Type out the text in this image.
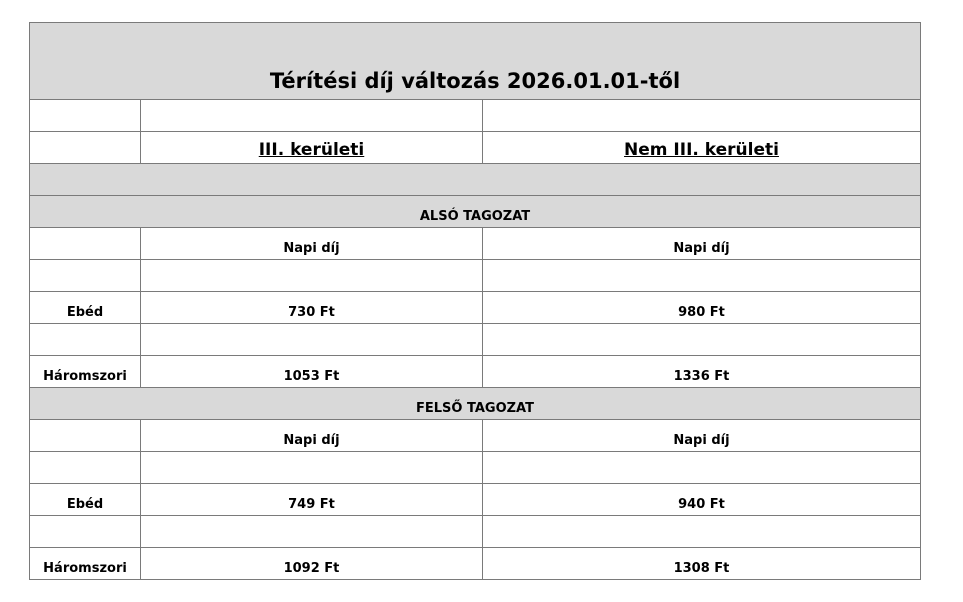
Térítési díj változás 2026.01.01-től		

	III. kerületi	Nem III. kerületi

ALSÓ TAGOZAT		
	Napi díj	Napi díj

Ebéd	730 Ft	980 Ft

Háromszori	1053 Ft	1336 Ft
FELSŐ TAGOZAT		
	Napi díj	Napi díj

Ebéd	749 Ft	940 Ft

Háromszori	1092 Ft	1308 Ft
